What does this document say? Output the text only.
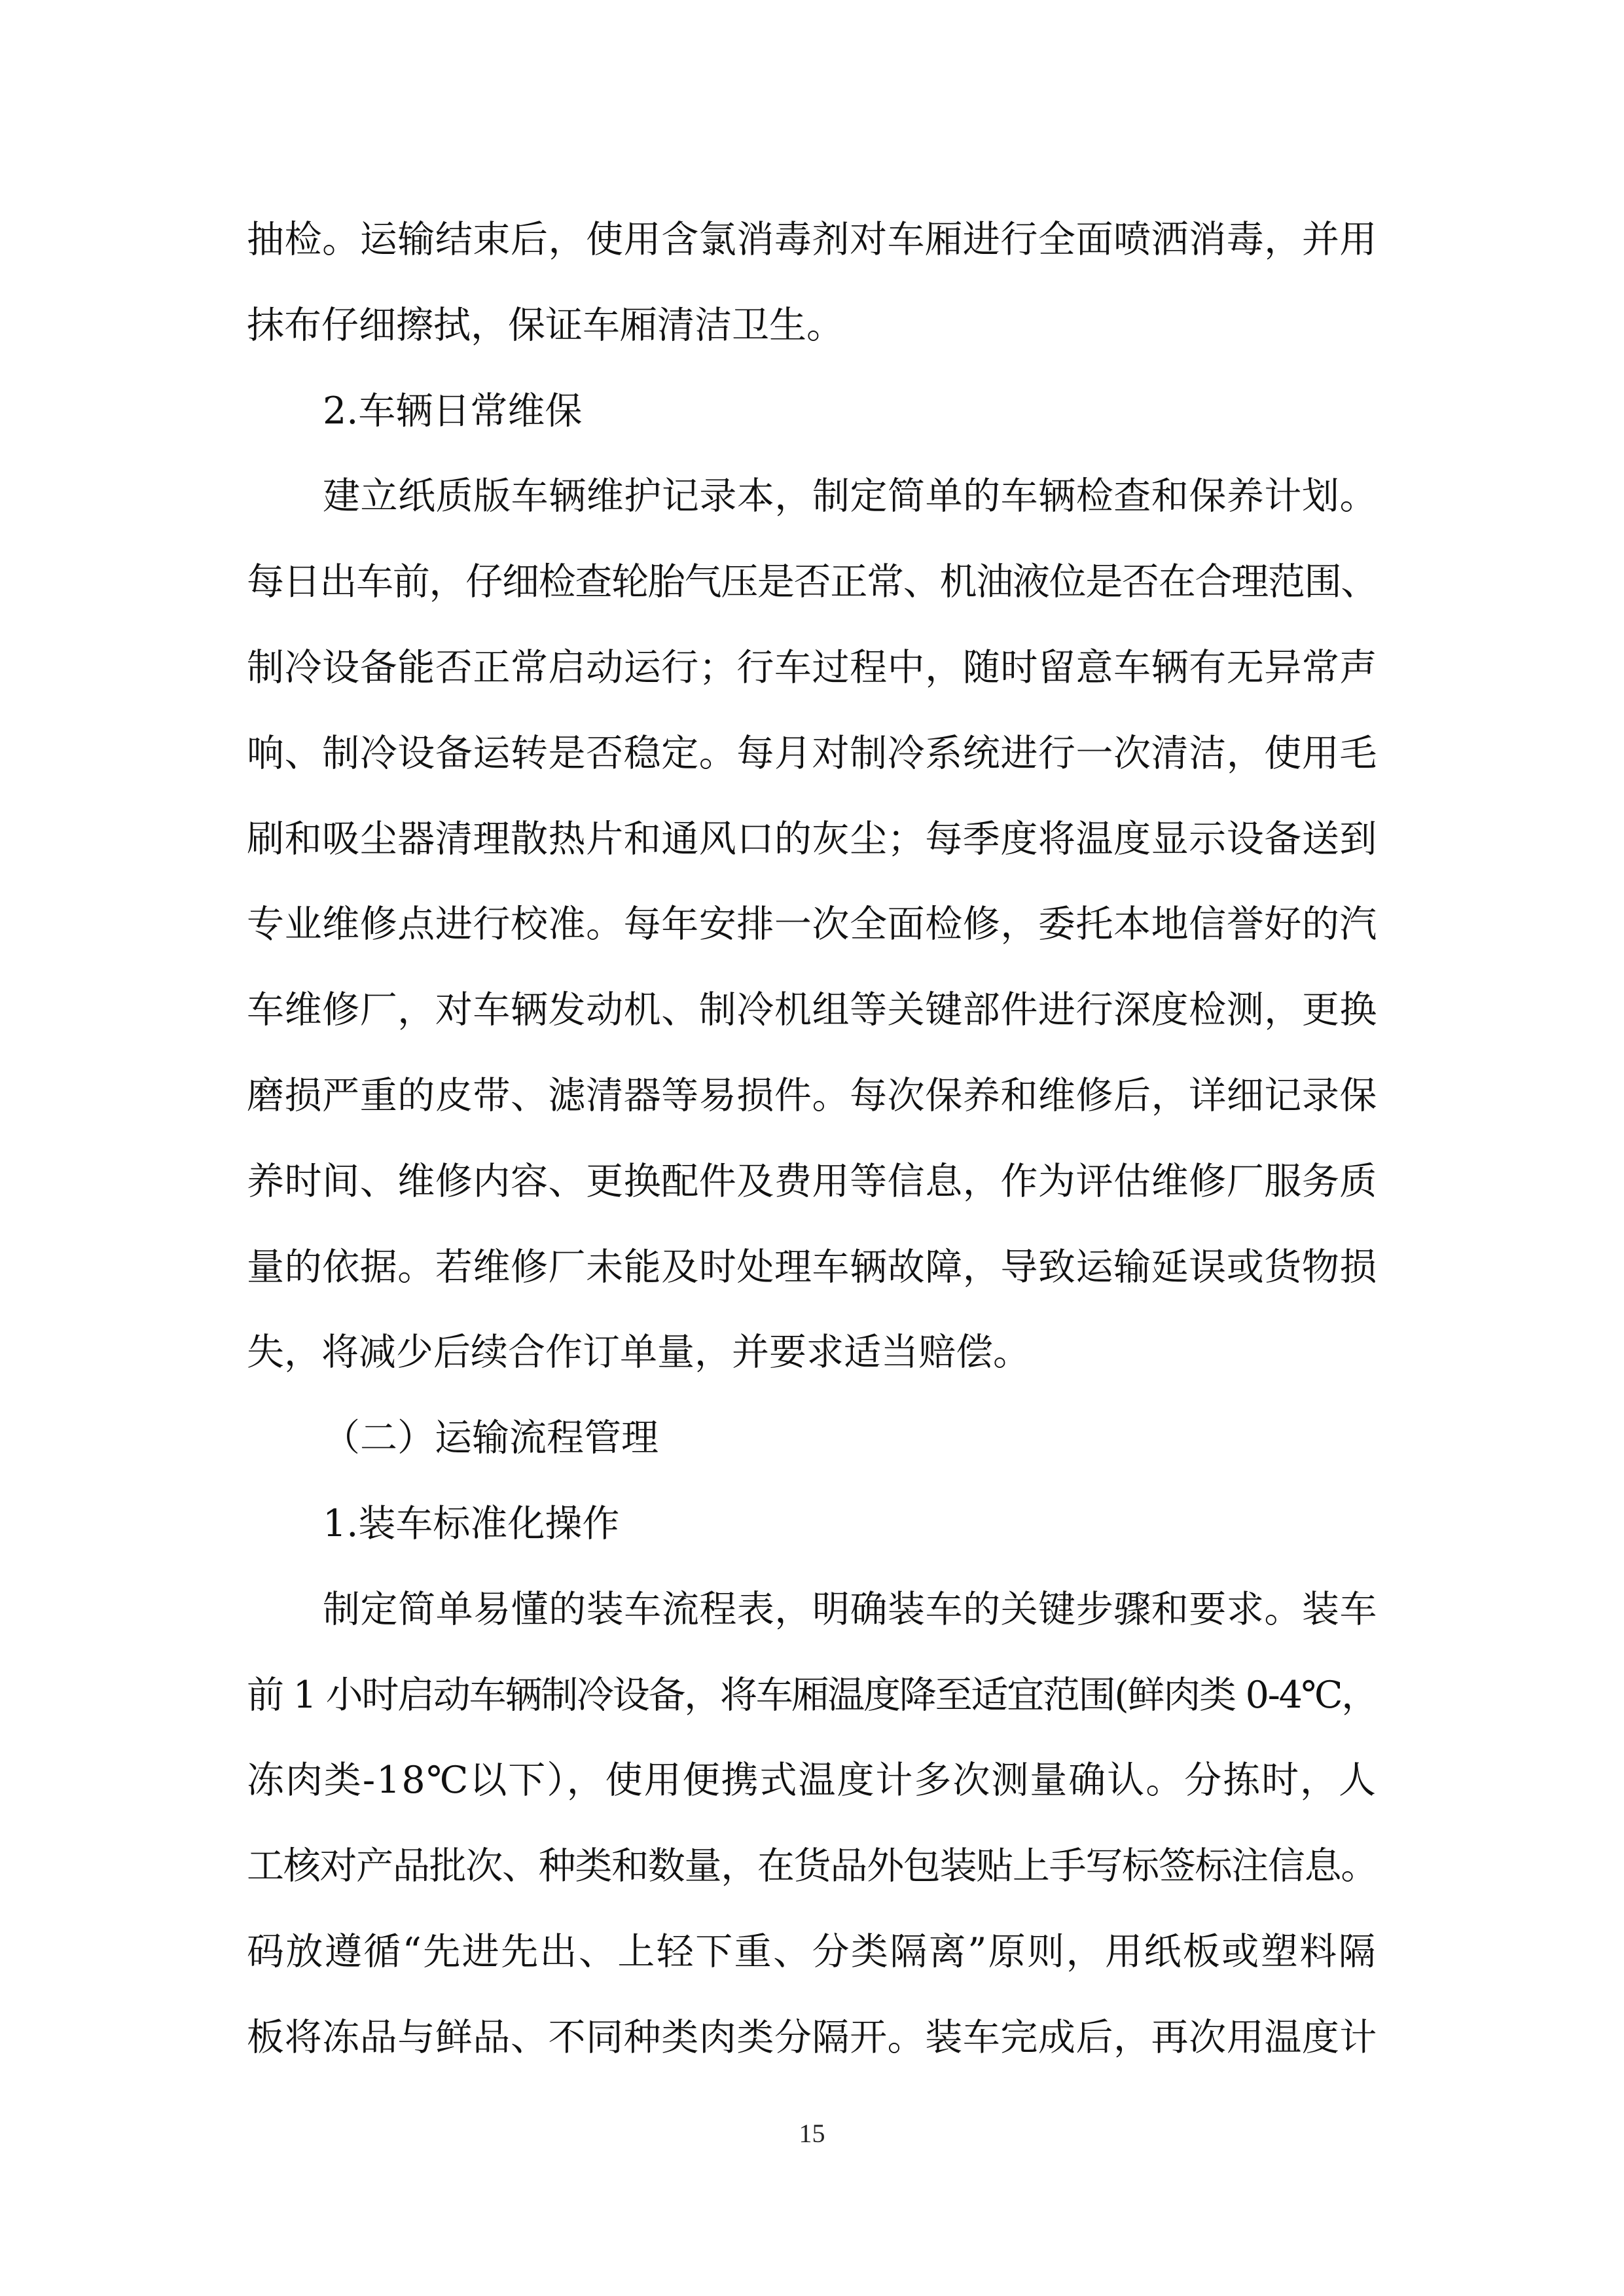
抽检。运输结束后，使用含氯消毒剂对车厢进行全面喷洒消毒，并用
抹布仔细擦拭，保证车厢清洁卫生。
2.车辆日常维保
建立纸质版车辆维护记录本，制定简单的车辆检查和保养计划。
每日出车前，仔细检查轮胎气压是否正常、机油液位是否在合理范围、
制冷设备能否正常启动运行；行车过程中，随时留意车辆有无异常声
响、制冷设备运转是否稳定。每月对制冷系统进行一次清洁，使用毛
刷和吸尘器清理散热片和通风口的灰尘；每季度将温度显示设备送到
专业维修点进行校准。每年安排一次全面检修，委托本地信誉好的汽
车维修厂，对车辆发动机、制冷机组等关键部件进行深度检测，更换
磨损严重的皮带、滤清器等易损件。每次保养和维修后，详细记录保
养时间、维修内容、更换配件及费用等信息，作为评估维修厂服务质
量的依据。若维修厂未能及时处理车辆故障，导致运输延误或货物损
失，将减少后续合作订单量，并要求适当赔偿。
（二）运输流程管理
1.装车标准化操作
制定简单易懂的装车流程表，明确装车的关键步骤和要求。装车
前 1 小时启动车辆制冷设备，将车厢温度降至适宜范围(鲜肉类 0-4℃，
冻肉类-18℃以下），使用便携式温度计多次测量确认。分拣时，人
工核对产品批次、种类和数量，在货品外包装贴上手写标签标注信息。
码放遵循“先进先出、上轻下重、分类隔离”原则，用纸板或塑料隔
板将冻品与鲜品、不同种类肉类分隔开。装车完成后，再次用温度计
15
